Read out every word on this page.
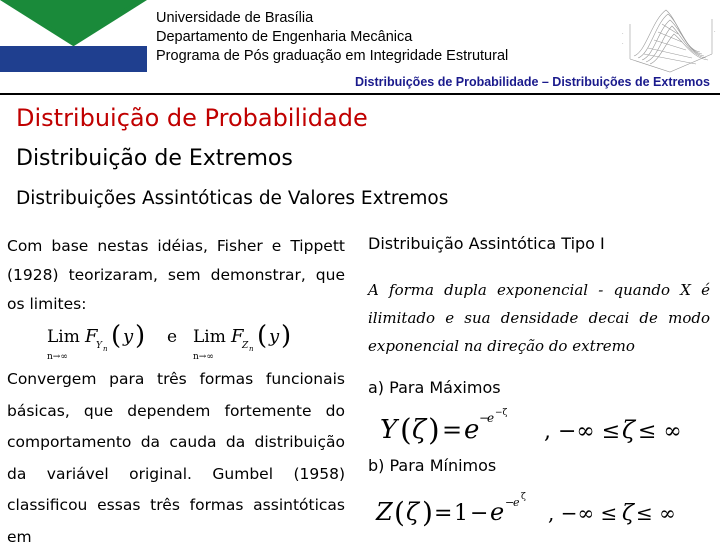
Universidade de Brasília
Departamento de Engenharia Mecânica
Programa de Pós graduação em Integridade Estrutural
.
.
.
Distribuições de Probabilidade – Distribuições de Extremos
Distribuição de Probabilidade
Distribuição de Extremos
Distribuições Assintóticas de Valores Extremos

Com base nestas idéias, Fisher e Tippett (1928) teorizaram, sem demonstrar, que os limites:

Lim
n→∞
F
Y n ( y ) e Lim
n→∞
F
Z n ( y )

Convergem para três formas funcionais básicas, que dependem fortemente do comportamento da cauda da distribuição da variável original. Gumbel (1958) classificou essas três formas assintóticas em

Distribuição Assintótica Tipo I

A forma dupla exponencial - quando X é ilimitado e sua densidade decai de modo exponencial na direção do extremo

a) Para Máximos
Y ( ζ ) = e −
e −ζ
, −∞ ≤ ζ ≤ ∞
b) Para Mínimos
Z ( ζ ) = 1 − e −
e ζ
, −∞ ≤ ζ ≤ ∞
